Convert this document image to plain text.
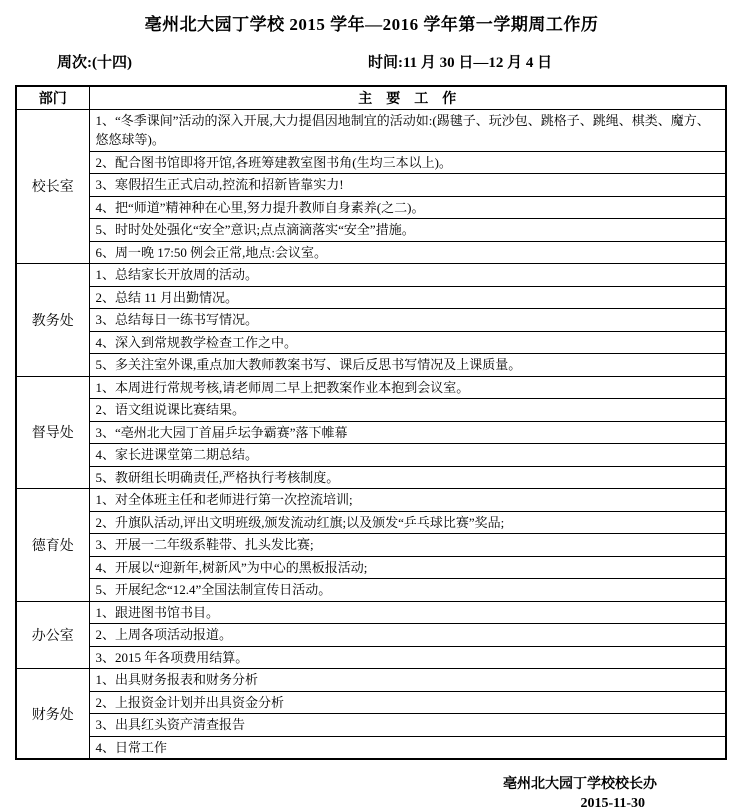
亳州北大园丁学校 2015 学年—2016 学年第一学期周工作历
周次:(十四)	时间:11 月 30 日—12 月 4 日
部门	主　要　工　作
校长室	1、“冬季课间”活动的深入开展,大力提倡因地制宜的活动如:(踢毽子、玩沙包、跳格子、跳绳、棋类、魔方、悠悠球等)。
	2、配合图书馆即将开馆,各班筹建教室图书角(生均三本以上)。
	3、寒假招生正式启动,控流和招新皆靠实力!
	4、把“师道”精神种在心里,努力提升教师自身素养(之二)。
	5、时时处处强化“安全”意识;点点滴滴落实“安全”措施。
	6、周一晚 17:50 例会正常,地点:会议室。
教务处	1、总结家长开放周的活动。
	2、总结 11 月出勤情况。
	3、总结每日一练书写情况。
	4、深入到常规教学检查工作之中。
	5、多关注室外课,重点加大教师教案书写、课后反思书写情况及上课质量。
督导处	1、本周进行常规考核,请老师周二早上把教案作业本抱到会议室。
	2、语文组说课比赛结果。
	3、“亳州北大园丁首届乒坛争霸赛”落下帷幕
	4、家长进课堂第二期总结。
	5、教研组长明确责任,严格执行考核制度。
德育处	1、对全体班主任和老师进行第一次控流培训;
	2、升旗队活动,评出文明班级,颁发流动红旗;以及颁发“乒乓球比赛”奖品;
	3、开展一二年级系鞋带、扎头发比赛;
	4、开展以“迎新年,树新风”为中心的黑板报活动;
	5、开展纪念“12.4”全国法制宣传日活动。
办公室	1、跟进图书馆书目。
	2、上周各项活动报道。
	3、2015 年各项费用结算。
财务处	1、出具财务报表和财务分析
	2、上报资金计划并出具资金分析
	3、出具红头资产清查报告
	4、日常工作
亳州北大园丁学校校长办
2015-11-30
